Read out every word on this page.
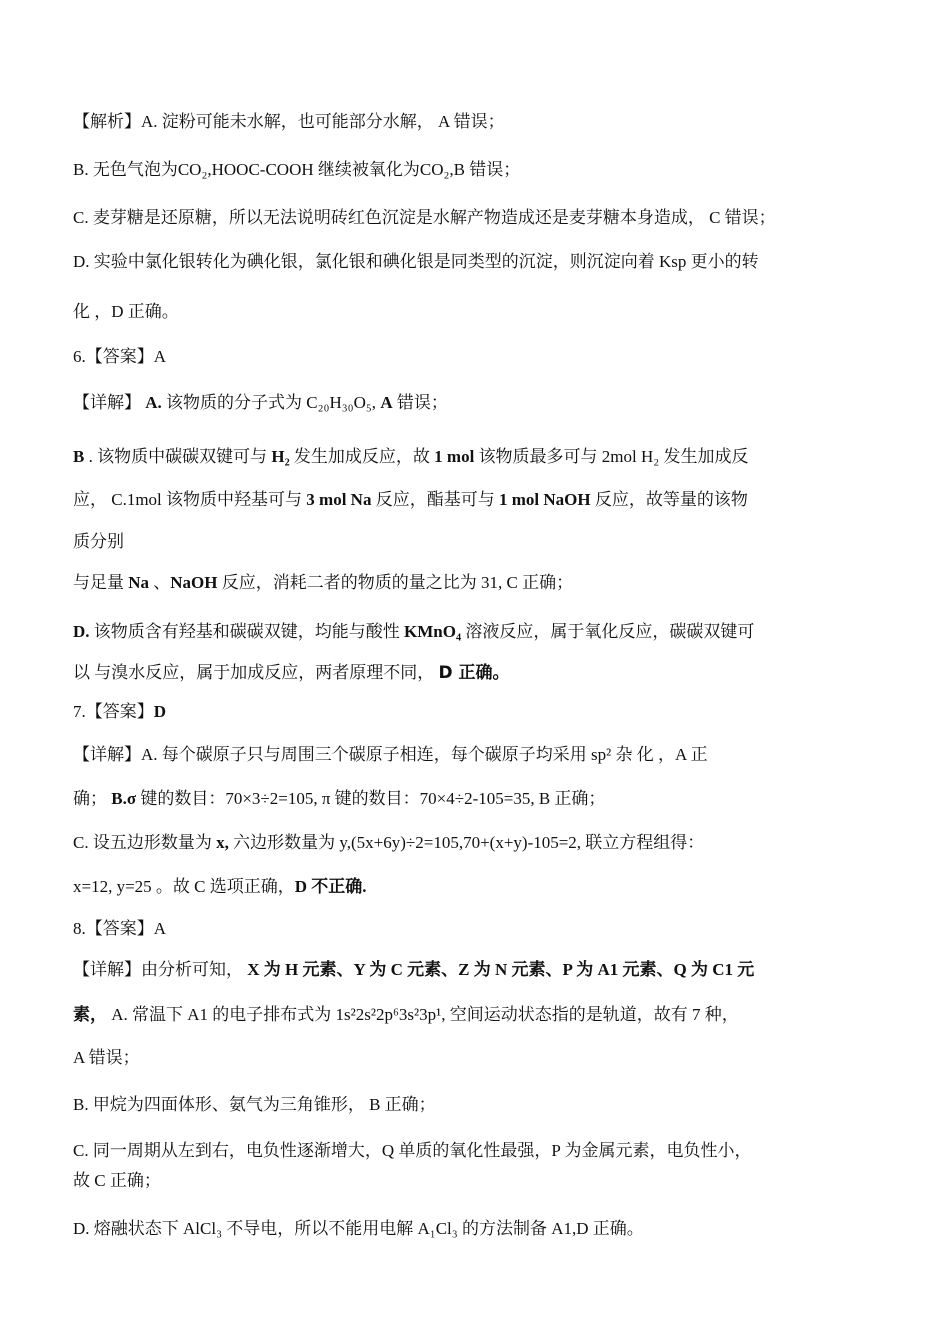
【解析】A. 淀粉可能未水解，也可能部分水解， A 错误；
B. 无色气泡为CO₂,HOOC-COOH 继续被氧化为CO₂,B 错误；
C. 麦芽糖是还原糖，所以无法说明砖红色沉淀是水解产物造成还是麦芽糖本身造成， C 错误；
D. 实验中氯化银转化为碘化银，氯化银和碘化银是同类型的沉淀，则沉淀向着 Ksp 更小的转
化 ，D 正确。
6.【答案】A
【详解】 A. 该物质的分子式为 C₂₀H₃₀O₅, A 错误；
B . 该物质中碳碳双键可与 H₂ 发生加成反应，故 1 mol 该物质最多可与 2mol H₂ 发生加成反
应， C.1mol 该物质中羟基可与 3 mol Na 反应，酯基可与 1 mol NaOH 反应，故等量的该物
质分别
与足量 Na 、NaOH 反应，消耗二者的物质的量之比为 31, C 正确；
D. 该物质含有羟基和碳碳双键，均能与酸性 KMnO₄ 溶液反应，属于氧化反应，碳碳双键可
以 与溴水反应，属于加成反应，两者原理不同， D 正确。
7.【答案】D
【详解】A. 每个碳原子只与周围三个碳原子相连，每个碳原子均采用 sp² 杂 化 ，A 正
确； B.σ 键的数目：70×3÷2=105, π 键的数目：70×4÷2-105=35, B 正确；
C. 设五边形数量为 x, 六边形数量为 y,(5x+6y)÷2=105,70+(x+y)-105=2, 联立方程组得：
x=12, y=25 。故 C 选项正确，D 不正确.
8.【答案】A
【详解】由分析可知， X 为 H 元素、Y 为 C 元素、Z 为 N 元素、P 为 A1 元素、Q 为 C1 元
素， A. 常温下 A1 的电子排布式为 1s²2s²2p⁶3s²3p¹, 空间运动状态指的是轨道，故有 7 种，
A 错误；
B. 甲烷为四面体形、氨气为三角锥形， B 正确；
C. 同一周期从左到右，电负性逐渐增大，Q 单质的氧化性最强，P 为金属元素，电负性小，
故 C 正确；
D. 熔融状态下 AlCl₃ 不导电，所以不能用电解 A₁Cl₃ 的方法制备 A1,D 正确。
